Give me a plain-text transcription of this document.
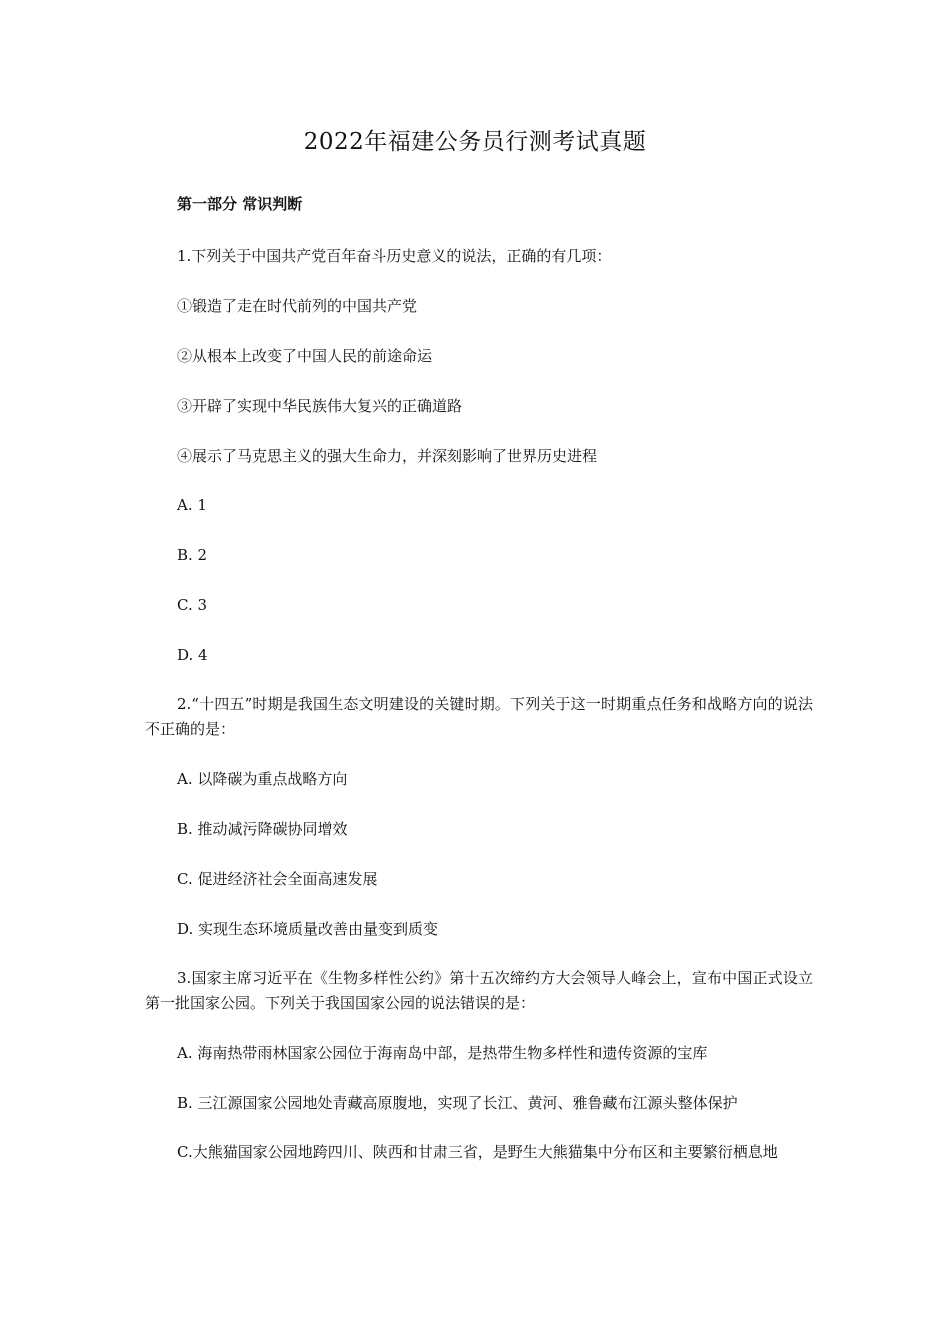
2022年福建公务员行测考试真题
第一部分 常识判断
1.下列关于中国共产党百年奋斗历史意义的说法，正确的有几项：
①锻造了走在时代前列的中国共产党
②从根本上改变了中国人民的前途命运
③开辟了实现中华民族伟大复兴的正确道路
④展示了马克思主义的强大生命力，并深刻影响了世界历史进程
A. 1
B. 2
C. 3
D. 4
2.“十四五”时期是我国生态文明建设的关键时期。下列关于这一时期重点任务和战略方向的说法不正确的是：
A. 以降碳为重点战略方向
B. 推动减污降碳协同增效
C. 促进经济社会全面高速发展
D. 实现生态环境质量改善由量变到质变
3.国家主席习近平在《生物多样性公约》第十五次缔约方大会领导人峰会上，宣布中国正式设立第一批国家公园。下列关于我国国家公园的说法错误的是：
A. 海南热带雨林国家公园位于海南岛中部，是热带生物多样性和遗传资源的宝库
B. 三江源国家公园地处青藏高原腹地，实现了长江、黄河、雅鲁藏布江源头整体保护
C.大熊猫国家公园地跨四川、陕西和甘肃三省，是野生大熊猫集中分布区和主要繁衍栖息地
